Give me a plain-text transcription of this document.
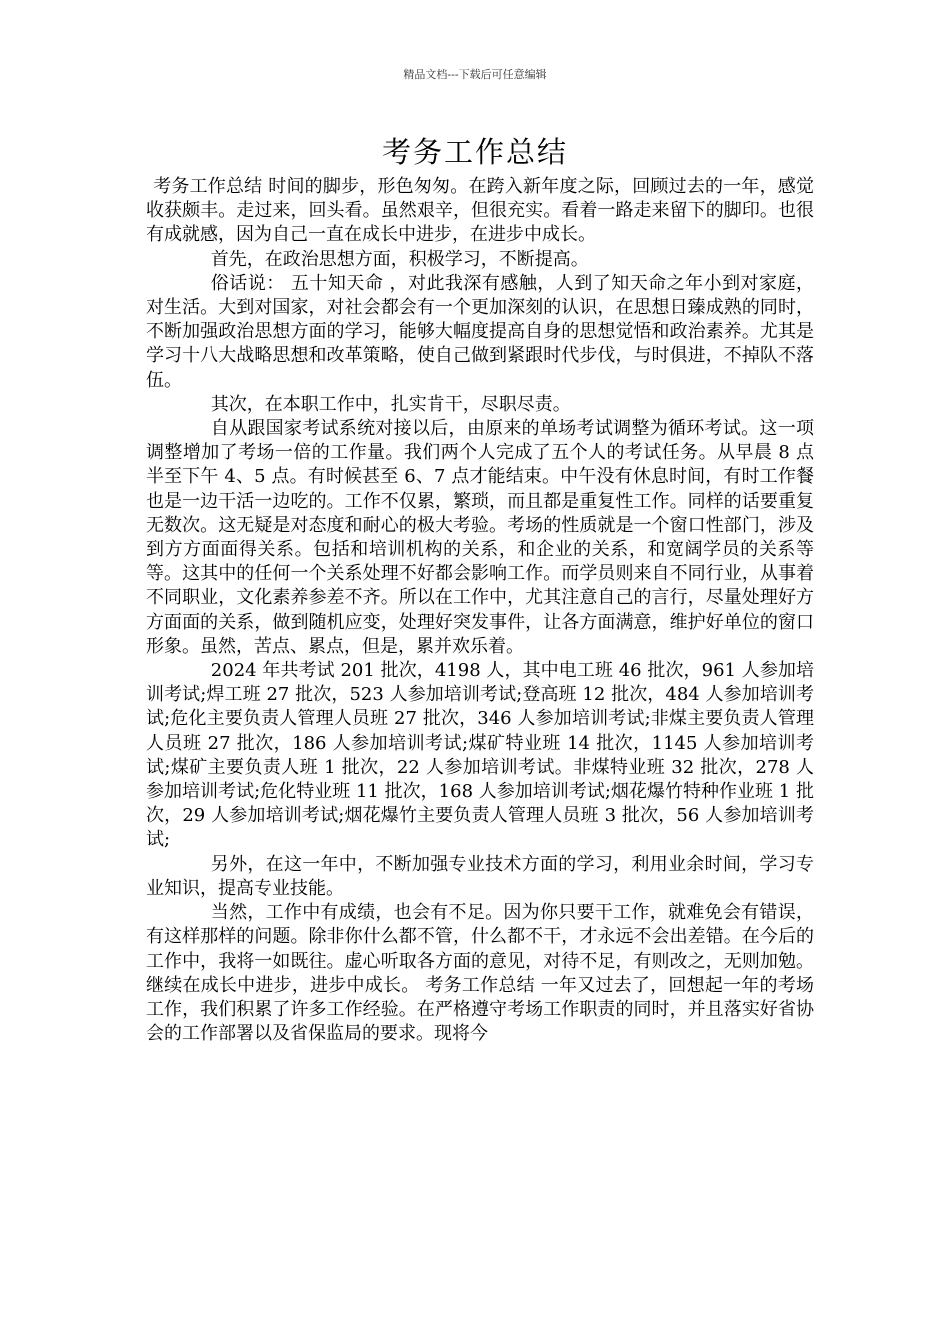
精品文档---下载后可任意编辑
考务工作总结

考务工作总结 时间的脚步，形色匆匆。在跨入新年度之际，回顾过去的一年，感觉收获颇丰。走过来，回头看。虽然艰辛，但很充实。看着一路走来留下的脚印。也很有成就感，因为自己一直在成长中进步，在进步中成长。

首先，在政治思想方面，积极学习，不断提高。

俗话说： 五十知天命 ，对此我深有感触，人到了知天命之年小到对家庭，对生活。大到对国家，对社会都会有一个更加深刻的认识，在思想日臻成熟的同时，不断加强政治思想方面的学习，能够大幅度提高自身的思想觉悟和政治素养。尤其是学习十八大战略思想和改革策略，使自己做到紧跟时代步伐，与时俱进，不掉队不落伍。

其次，在本职工作中，扎实肯干，尽职尽责。

自从跟国家考试系统对接以后，由原来的单场考试调整为循环考试。这一项调整增加了考场一倍的工作量。我们两个人完成了五个人的考试任务。从早晨 8 点半至下午 4、5 点。有时候甚至 6、7 点才能结束。中午没有休息时间，有时工作餐也是一边干活一边吃的。工作不仅累，繁琐，而且都是重复性工作。同样的话要重复无数次。这无疑是对态度和耐心的极大考验。考场的性质就是一个窗口性部门，涉及到方方面面得关系。包括和培训机构的关系，和企业的关系，和宽阔学员的关系等等。这其中的任何一个关系处理不好都会影响工作。而学员则来自不同行业，从事着不同职业，文化素养参差不齐。所以在工作中，尤其注意自己的言行，尽量处理好方方面面的关系，做到随机应变，处理好突发事件，让各方面满意，维护好单位的窗口形象。虽然，苦点、累点，但是，累并欢乐着。

2024 年共考试 201 批次，4198 人，其中电工班 46 批次，961 人参加培训考试;焊工班 27 批次，523 人参加培训考试;登高班 12 批次，484 人参加培训考试;危化主要负责人管理人员班 27 批次，346 人参加培训考试;非煤主要负责人管理人员班 27 批次，186 人参加培训考试;煤矿特业班 14 批次，1145 人参加培训考试;煤矿主要负责人班 1 批次，22 人参加培训考试。非煤特业班 32 批次，278 人参加培训考试;危化特业班 11 批次，168 人参加培训考试;烟花爆竹特种作业班 1 批次，29 人参加培训考试;烟花爆竹主要负责人管理人员班 3 批次，56 人参加培训考试;

另外，在这一年中，不断加强专业技术方面的学习，利用业余时间，学习专业知识，提高专业技能。

当然，工作中有成绩，也会有不足。因为你只要干工作，就难免会有错误，有这样那样的问题。除非你什么都不管，什么都不干，才永远不会出差错。在今后的工作中，我将一如既往。虚心听取各方面的意见，对待不足，有则改之，无则加勉。继续在成长中进步，进步中成长。 考务工作总结 一年又过去了，回想起一年的考场工作，我们积累了许多工作经验。在严格遵守考场工作职责的同时，并且落实好省协会的工作部署以及省保监局的要求。现将今
